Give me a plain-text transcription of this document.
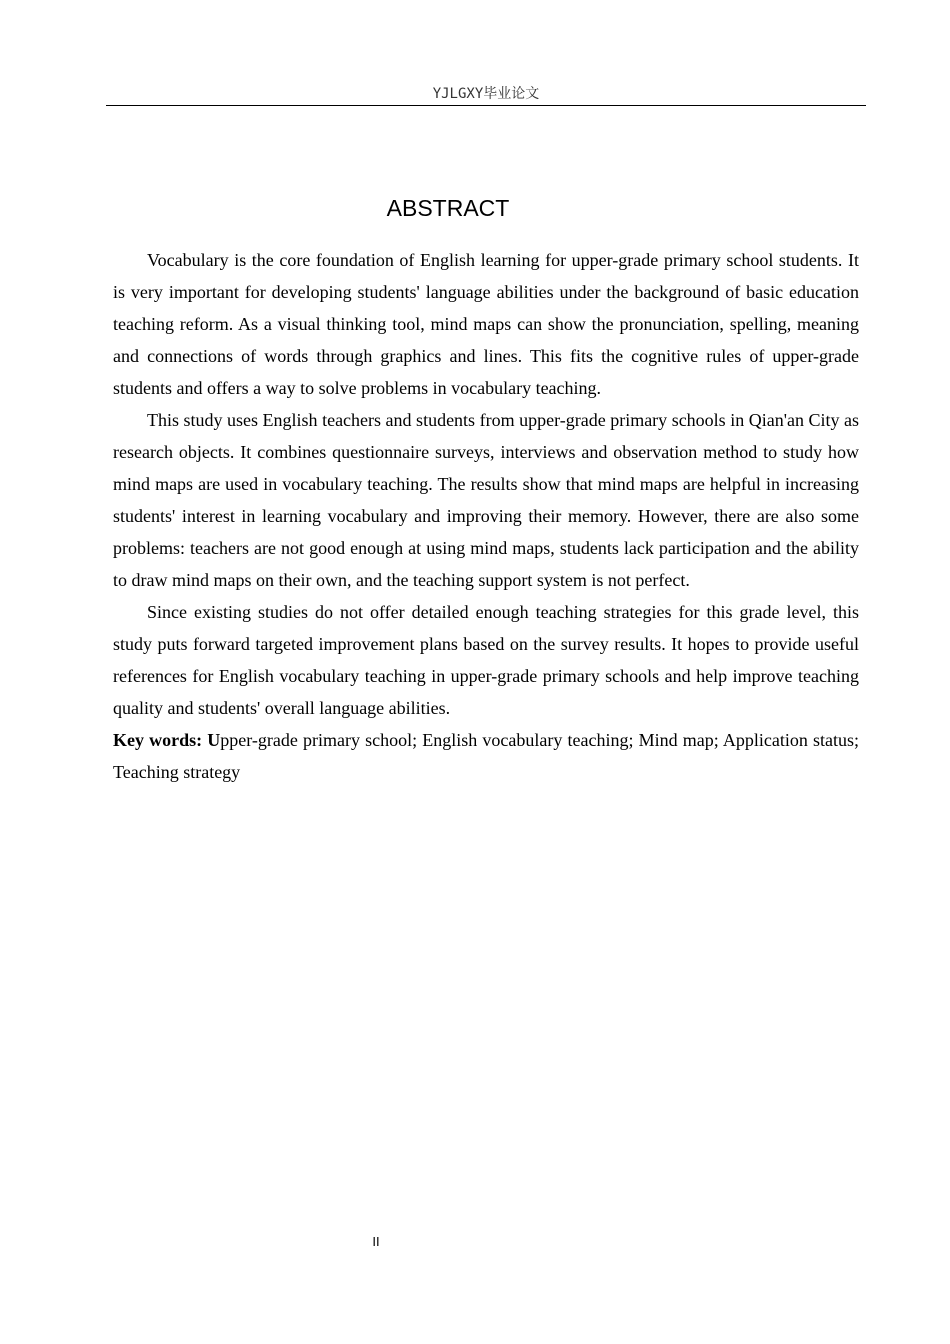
YJLGXY毕业论文
ABSTRACT

Vocabulary is the core foundation of English learning for upper-grade primary school students. It is very important for developing students' language abilities under the background of basic education teaching reform. As a visual thinking tool, mind maps can show the pronunciation, spelling, meaning and connections of words through graphics and lines. This fits the cognitive rules of upper-grade students and offers a way to solve problems in vocabulary teaching.

This study uses English teachers and students from upper-grade primary schools in Qian'an City as research objects. It combines questionnaire surveys, interviews and observation method to study how mind maps are used in vocabulary teaching. The results show that mind maps are helpful in increasing students' interest in learning vocabulary and improving their memory. However, there are also some problems: teachers are not good enough at using mind maps, students lack participation and the ability to draw mind maps on their own, and the teaching support system is not perfect.

Since existing studies do not offer detailed enough teaching strategies for this grade level, this study puts forward targeted improvement plans based on the survey results. It hopes to provide useful references for English vocabulary teaching in upper-grade primary schools and help improve teaching quality and students' overall language abilities.

Key words: Upper-grade primary school; English vocabulary teaching; Mind map; Application status; Teaching strategy
II
